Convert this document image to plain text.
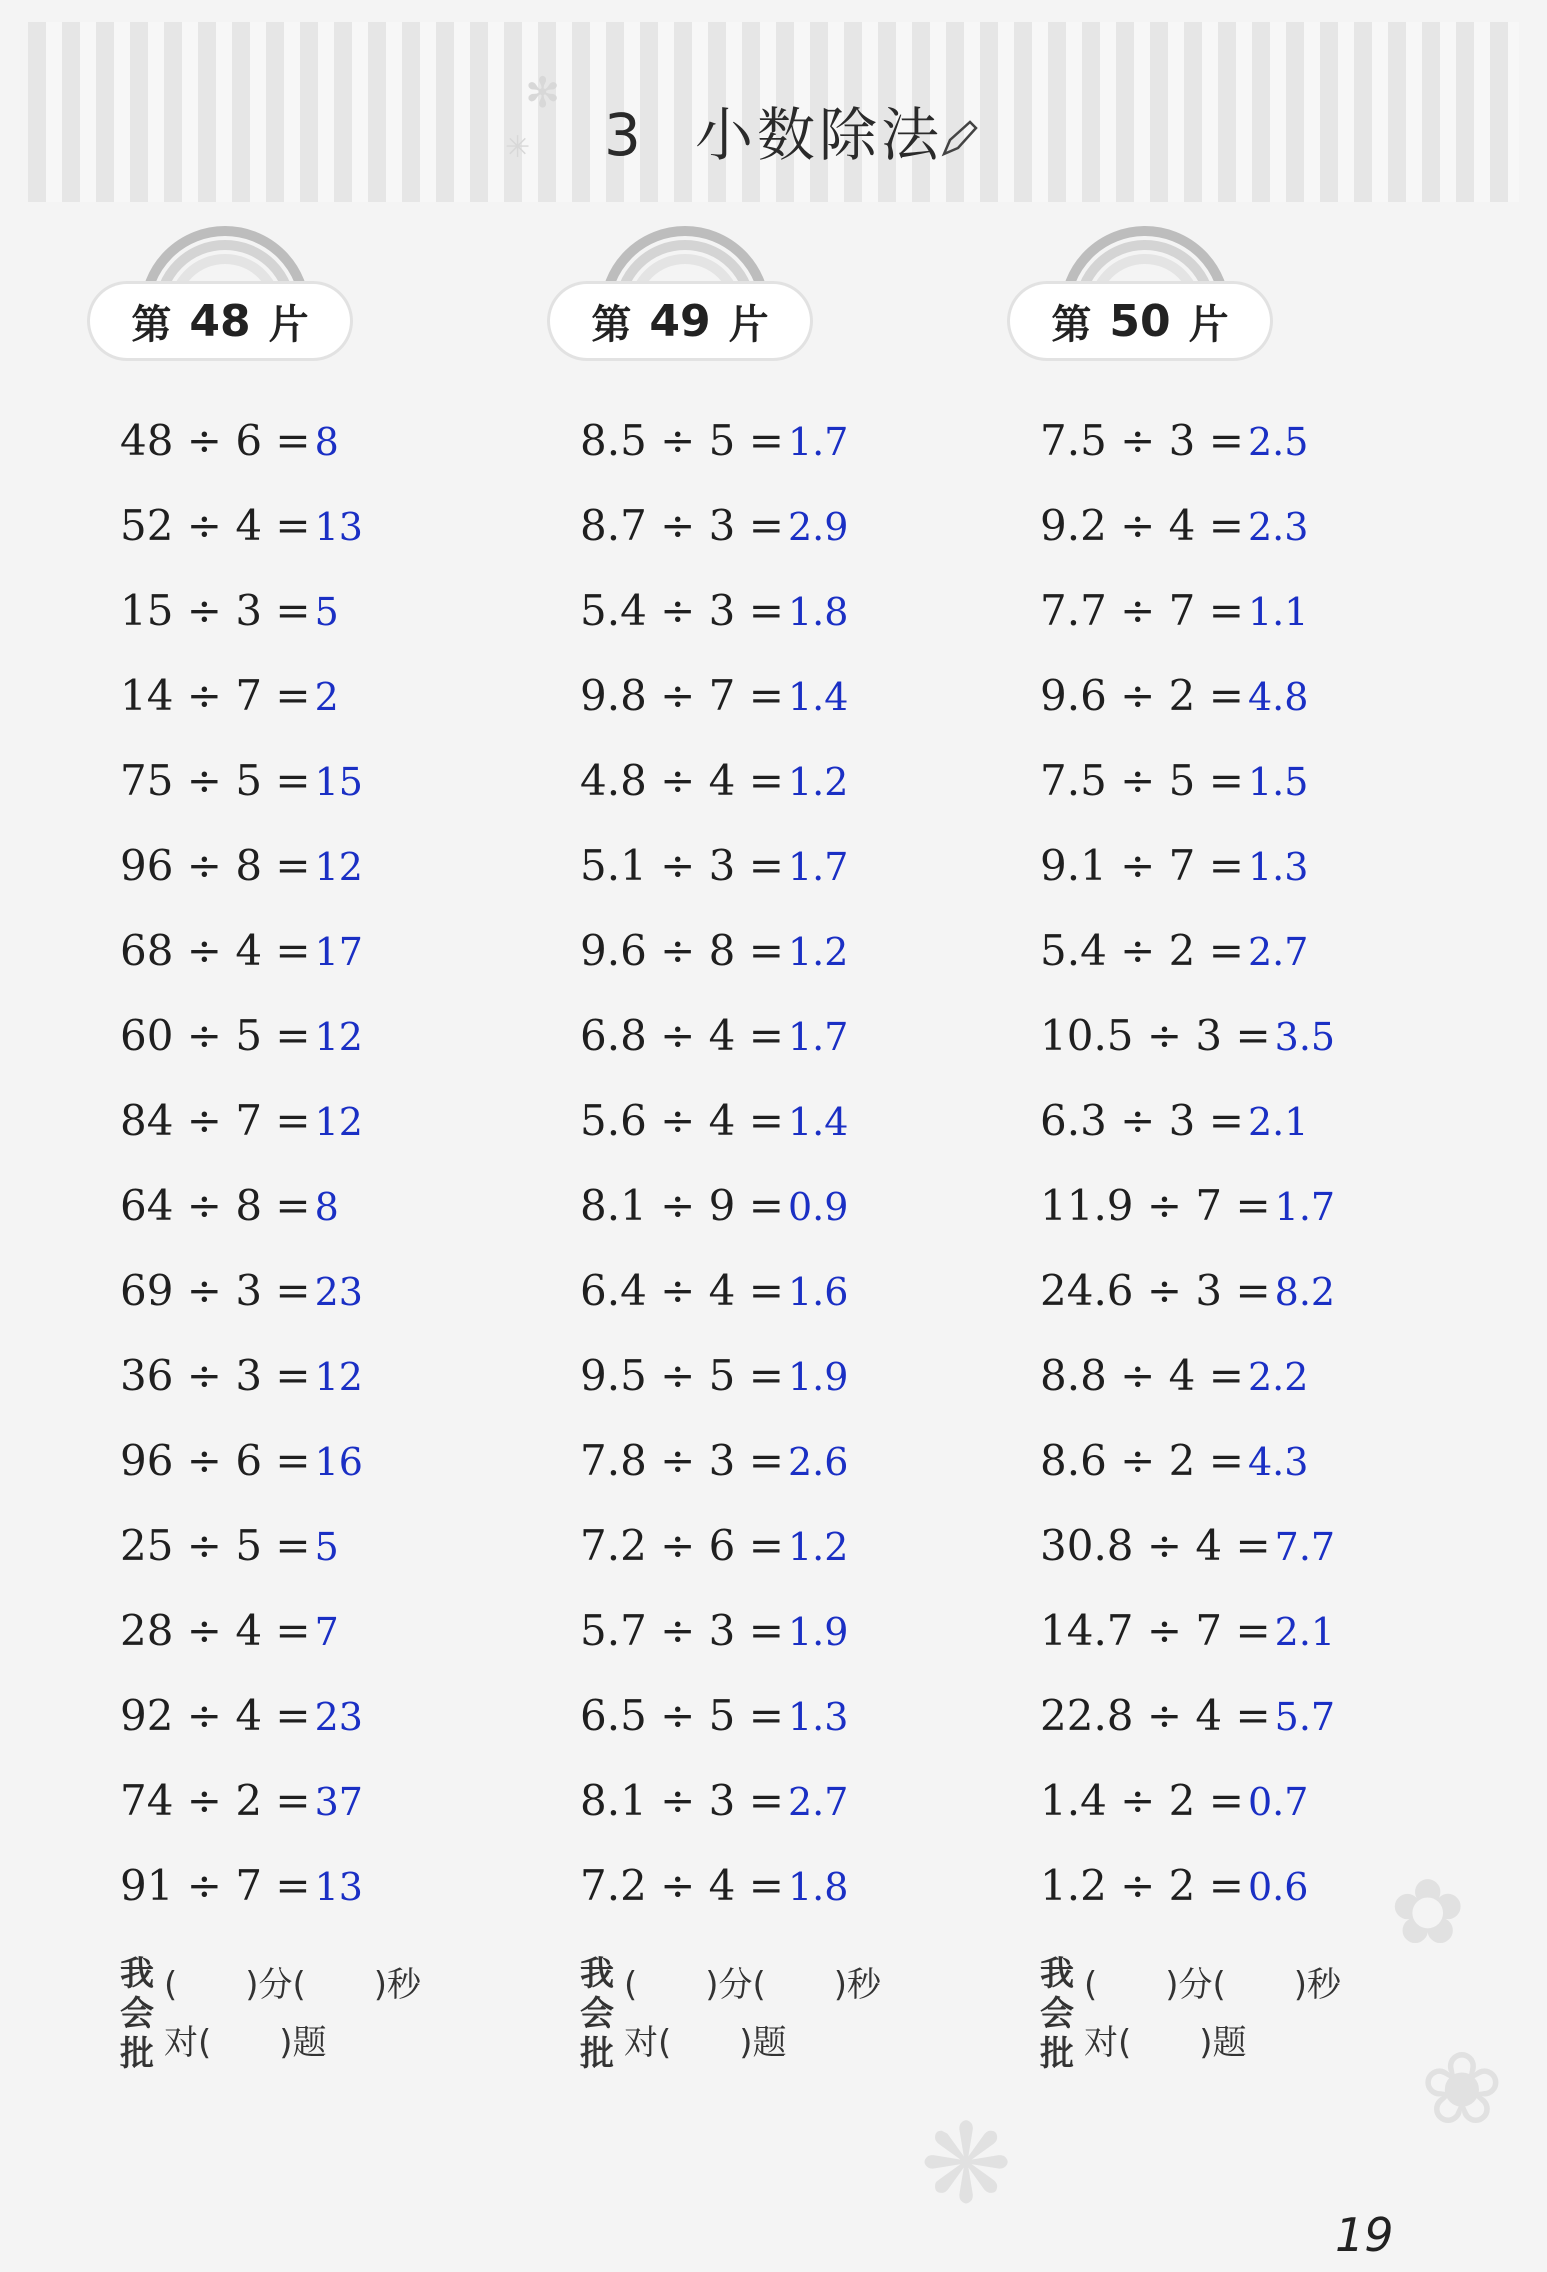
✻
✳	3 小数除法
第 48 片
48 ÷ 6 = 8
52 ÷ 4 = 13
15 ÷ 3 = 5
14 ÷ 7 = 2
75 ÷ 5 = 15
96 ÷ 8 = 12
68 ÷ 4 = 17
60 ÷ 5 = 12
84 ÷ 7 = 12
64 ÷ 8 = 8
69 ÷ 3 = 23
36 ÷ 3 = 12
96 ÷ 6 = 16
25 ÷ 5 = 5
28 ÷ 4 = 7
92 ÷ 4 = 23
74 ÷ 2 = 37
91 ÷ 7 = 13
我
会
批
(　　)分(　　)秒
对(　　)题
第 49 片
8.5 ÷ 5 = 1.7
8.7 ÷ 3 = 2.9
5.4 ÷ 3 = 1.8
9.8 ÷ 7 = 1.4
4.8 ÷ 4 = 1.2
5.1 ÷ 3 = 1.7
9.6 ÷ 8 = 1.2
6.8 ÷ 4 = 1.7
5.6 ÷ 4 = 1.4
8.1 ÷ 9 = 0.9
6.4 ÷ 4 = 1.6
9.5 ÷ 5 = 1.9
7.8 ÷ 3 = 2.6
7.2 ÷ 6 = 1.2
5.7 ÷ 3 = 1.9
6.5 ÷ 5 = 1.3
8.1 ÷ 3 = 2.7
7.2 ÷ 4 = 1.8
我
会
批
(　　)分(　　)秒
对(　　)题
第 50 片
7.5 ÷ 3 = 2.5
9.2 ÷ 4 = 2.3
7.7 ÷ 7 = 1.1
9.6 ÷ 2 = 4.8
7.5 ÷ 5 = 1.5
9.1 ÷ 7 = 1.3
5.4 ÷ 2 = 2.7
10.5 ÷ 3 = 3.5
6.3 ÷ 3 = 2.1
11.9 ÷ 7 = 1.7
24.6 ÷ 3 = 8.2
8.8 ÷ 4 = 2.2
8.6 ÷ 2 = 4.3
30.8 ÷ 4 = 7.7
14.7 ÷ 7 = 2.1
22.8 ÷ 4 = 5.7
1.4 ÷ 2 = 0.7
1.2 ÷ 2 = 0.6
我
会
批
(　　)分(　　)秒
对(　　)题
19
❋
✿
❀
